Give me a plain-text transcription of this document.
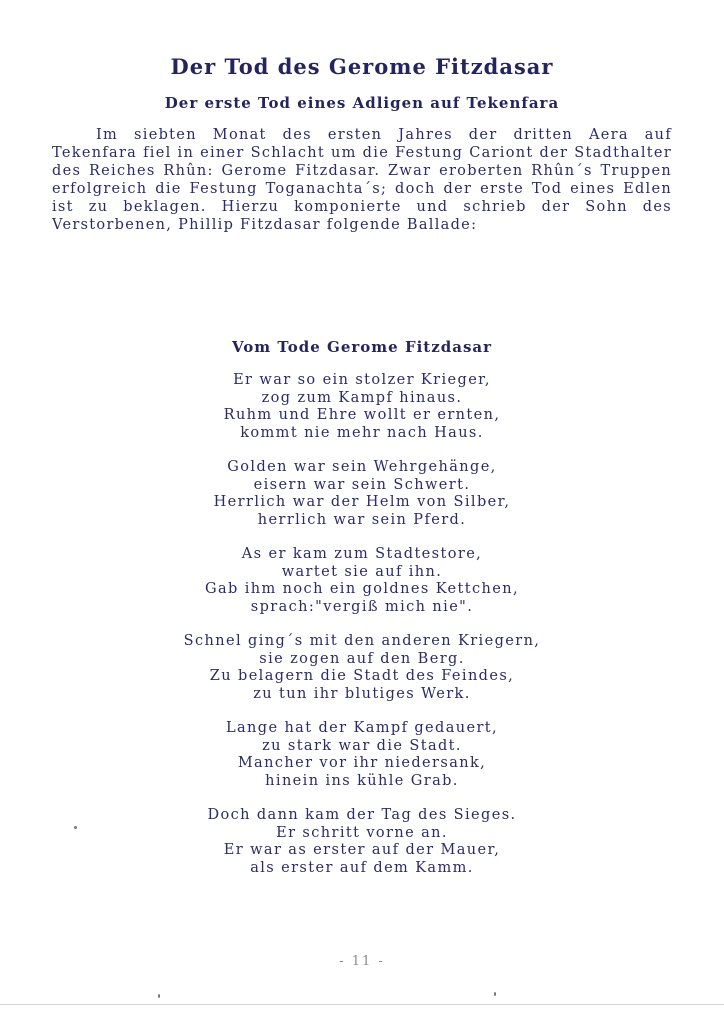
Der Tod des Gerome Fitzdasar
Der erste Tod eines Adligen auf Tekenfara

Im siebten Monat des ersten Jahres der dritten Aera auf Tekenfara fiel in einer Schlacht um die Festung Cariont der Stadthalter des Reiches Rhûn: Gerome Fitzdasar. Zwar eroberten Rhûn´s Truppen erfolgreich die Festung Toganachta´s; doch der erste Tod eines Edlen ist zu beklagen. Hierzu komponierte und schrieb der Sohn des Verstorbenen, Phillip Fitzdasar folgende Ballade:

Vom Tode Gerome Fitzdasar
Er war so ein stolzer Krieger,
zog zum Kampf hinaus.
Ruhm und Ehre wollt er ernten,
kommt nie mehr nach Haus.
Golden war sein Wehrgehänge,
eisern war sein Schwert.
Herrlich war der Helm von Silber,
herrlich war sein Pferd.
As er kam zum Stadtestore,
wartet sie auf ihn.
Gab ihm noch ein goldnes Kettchen,
sprach:"vergiß mich nie".
Schnel ging´s mit den anderen Kriegern,
sie zogen auf den Berg.
Zu belagern die Stadt des Feindes,
zu tun ihr blutiges Werk.
Lange hat der Kampf gedauert,
zu stark war die Stadt.
Mancher vor ihr niedersank,
hinein ins kühle Grab.
Doch dann kam der Tag des Sieges.
Er schritt vorne an.
Er war as erster auf der Mauer,
als erster auf dem Kamm.
- 11 -
